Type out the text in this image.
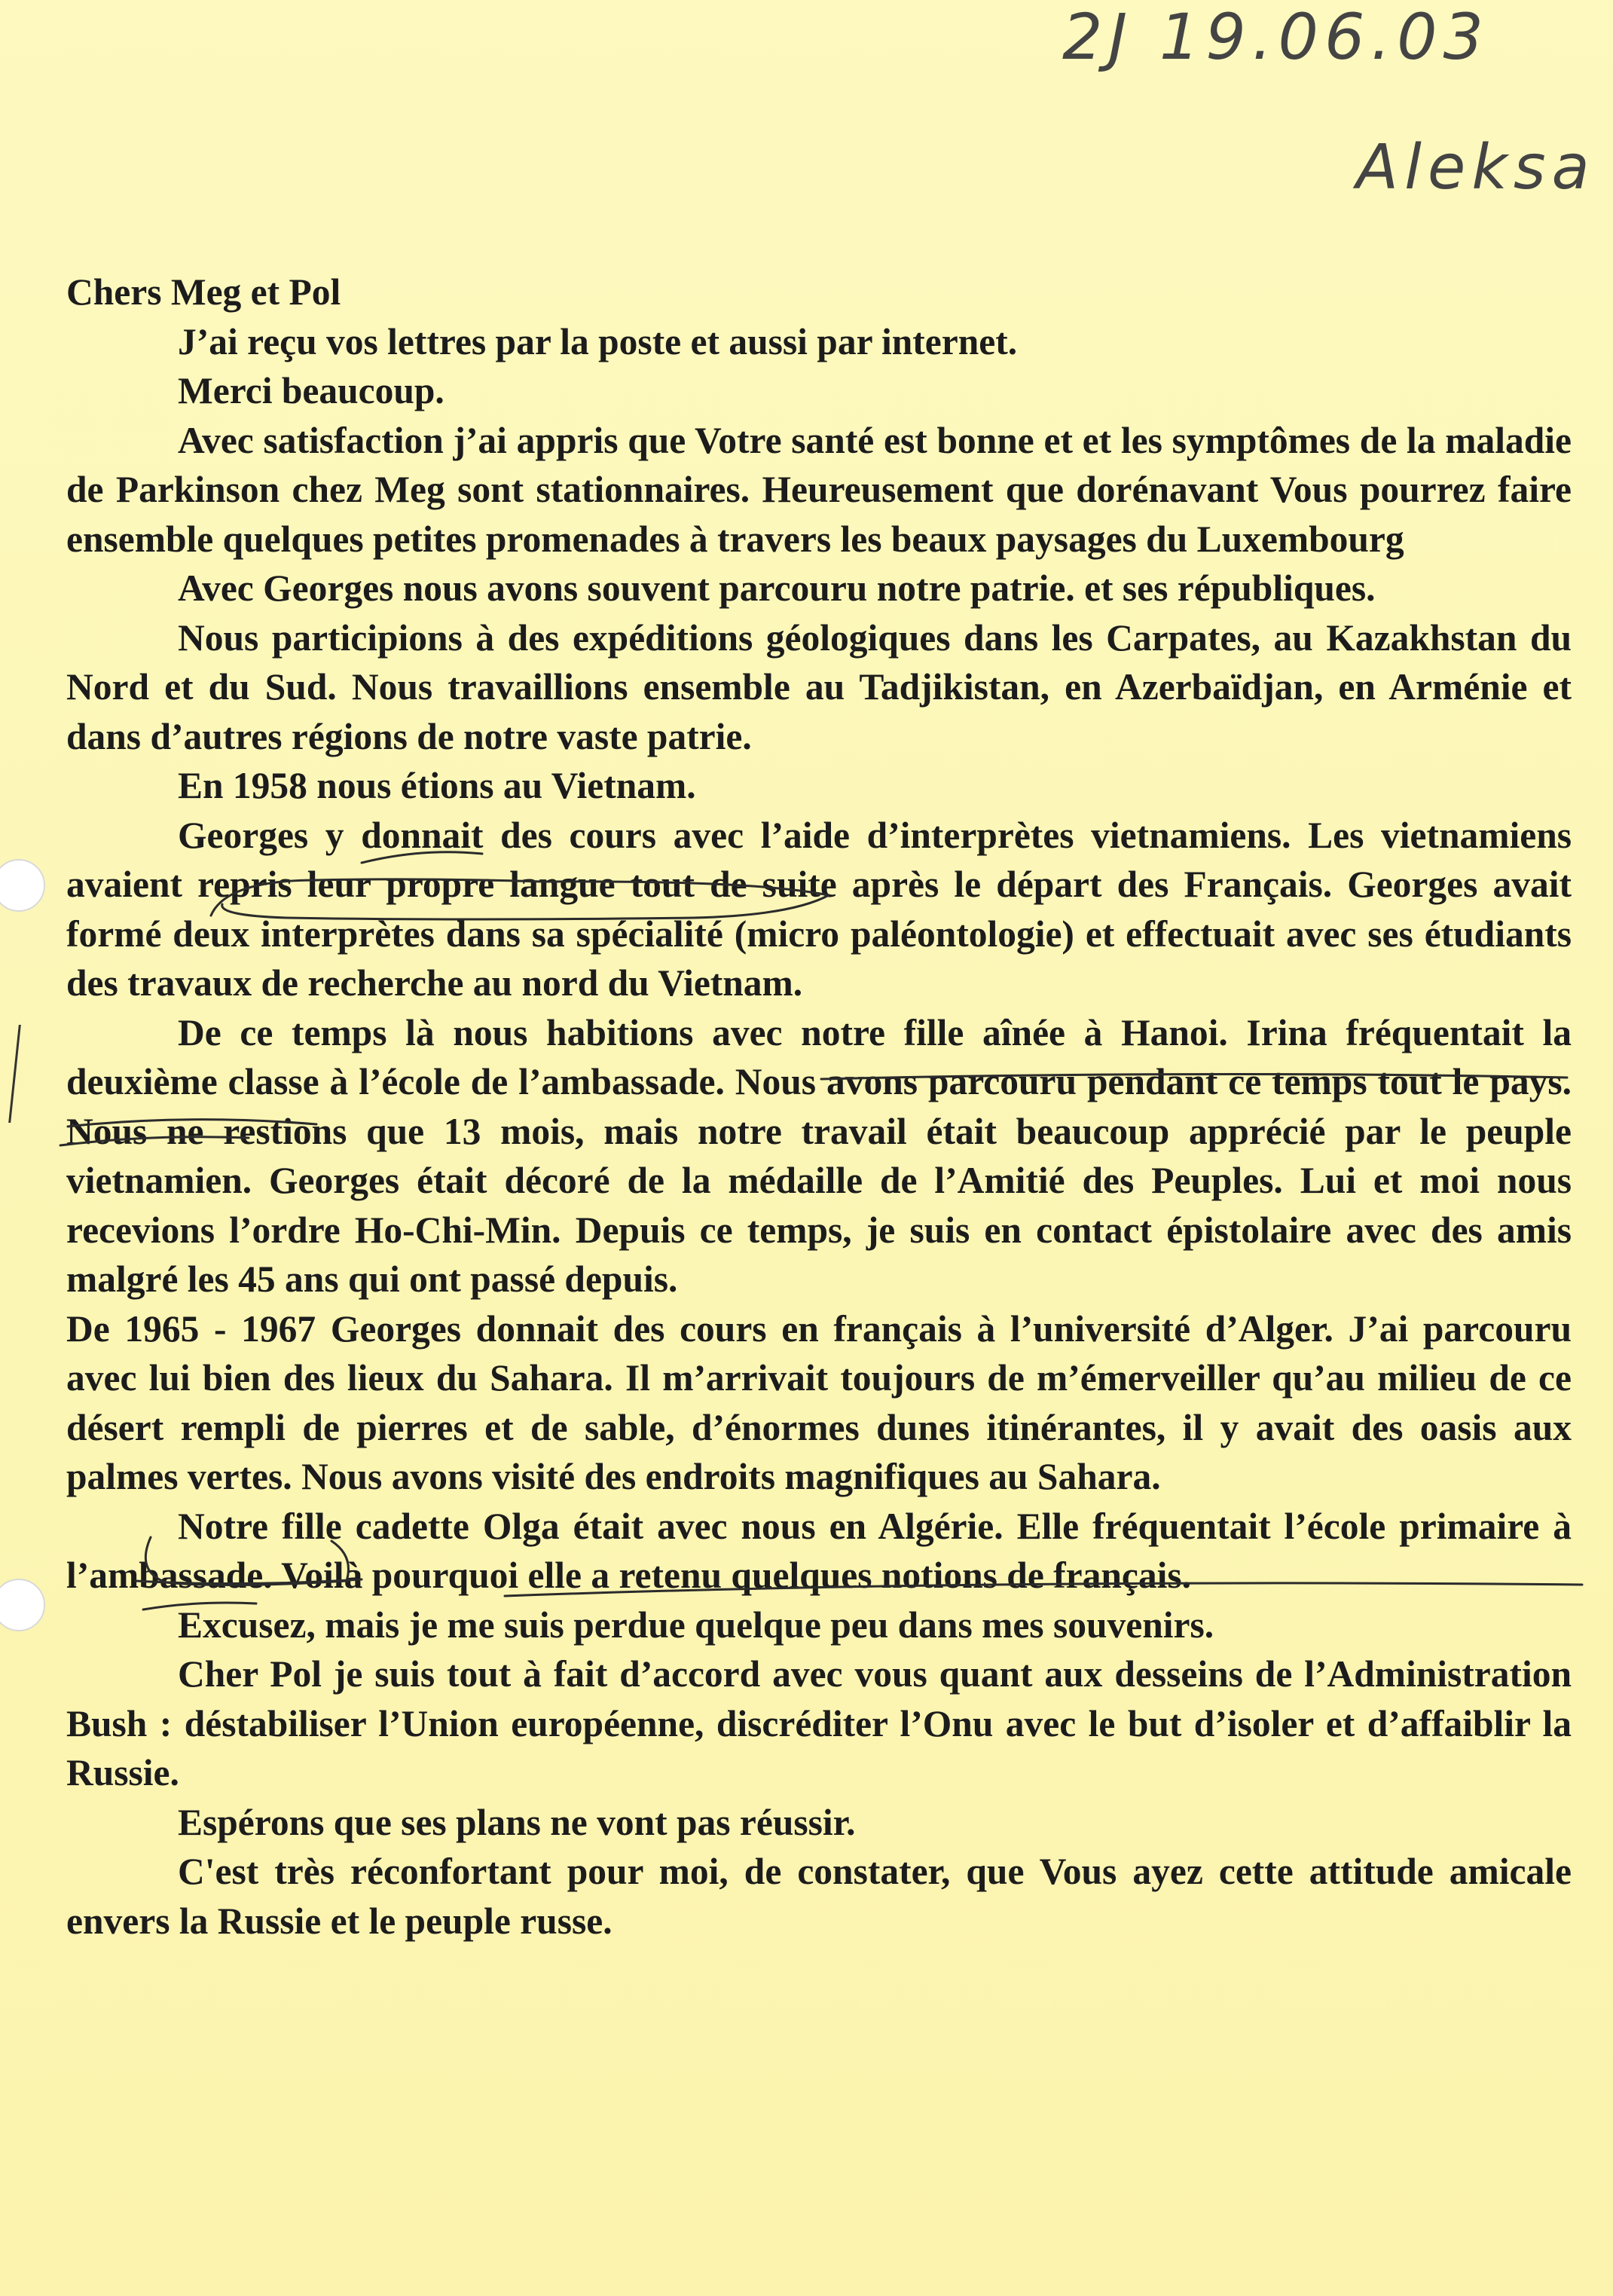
2J 19.06.03
Aleksa

Chers Meg et Pol

J’ai reçu vos lettres par la poste et aussi par internet.

Merci beaucoup.

Avec satisfaction j’ai appris que Votre santé est bonne et et les symptômes de la maladie de Parkinson chez Meg sont stationnaires. Heureusement que dorénavant Vous pourrez faire ensemble quelques petites promenades à travers les beaux paysages du Luxembourg

Avec Georges nous avons souvent parcouru notre patrie. et ses républiques.

Nous participions à des expéditions géologiques dans les Carpates, au Kazakhstan du Nord et du Sud. Nous travaillions ensemble au Tadjikistan, en Azerbaïdjan, en Arménie et dans d’autres régions de notre vaste patrie.

En 1958 nous étions au Vietnam.

Georges y donnait des cours avec l’aide d’interprètes vietnamiens. Les vietnamiens avaient repris leur propre langue tout de suite après le départ des Français. Georges avait formé deux interprètes dans sa spécialité (micro paléontologie) et effectuait avec ses étudiants des travaux de recherche au nord du Vietnam.

De ce temps là nous habitions avec notre fille aînée à Hanoi. Irina fréquentait la deuxième classe à l’école de l’ambassade. Nous avons parcouru pendant ce temps tout le pays. Nous ne restions que 13 mois, mais notre travail était beaucoup apprécié par le peuple vietnamien. Georges était décoré de la médaille de l’Amitié des Peuples. Lui et moi nous recevions l’ordre Ho-Chi-Min. Depuis ce temps, je suis en contact épistolaire avec des amis malgré les 45 ans qui ont passé depuis.

De 1965 - 1967 Georges donnait des cours en français à l’université d’Alger. J’ai parcouru avec lui bien des lieux du Sahara. Il m’arrivait toujours de m’émerveiller qu’au milieu de ce désert rempli de pierres et de sable, d’énormes dunes itinérantes, il y avait des oasis aux palmes vertes. Nous avons visité des endroits magnifiques au Sahara.

Notre fille cadette Olga était avec nous en Algérie. Elle fréquentait l’école primaire à l’ambassade. Voilà pourquoi elle a retenu quelques notions de français.

Excusez, mais je me suis perdue quelque peu dans mes souvenirs.

Cher Pol je suis tout à fait d’accord avec vous quant aux desseins de l’Administration Bush : déstabiliser l’Union européenne, discréditer l’Onu avec le but d’isoler et d’affaiblir la Russie.

Espérons que ses plans ne vont pas réussir.

C'est très réconfortant pour moi, de constater, que Vous ayez cette attitude amicale envers la Russie et le peuple russe.
